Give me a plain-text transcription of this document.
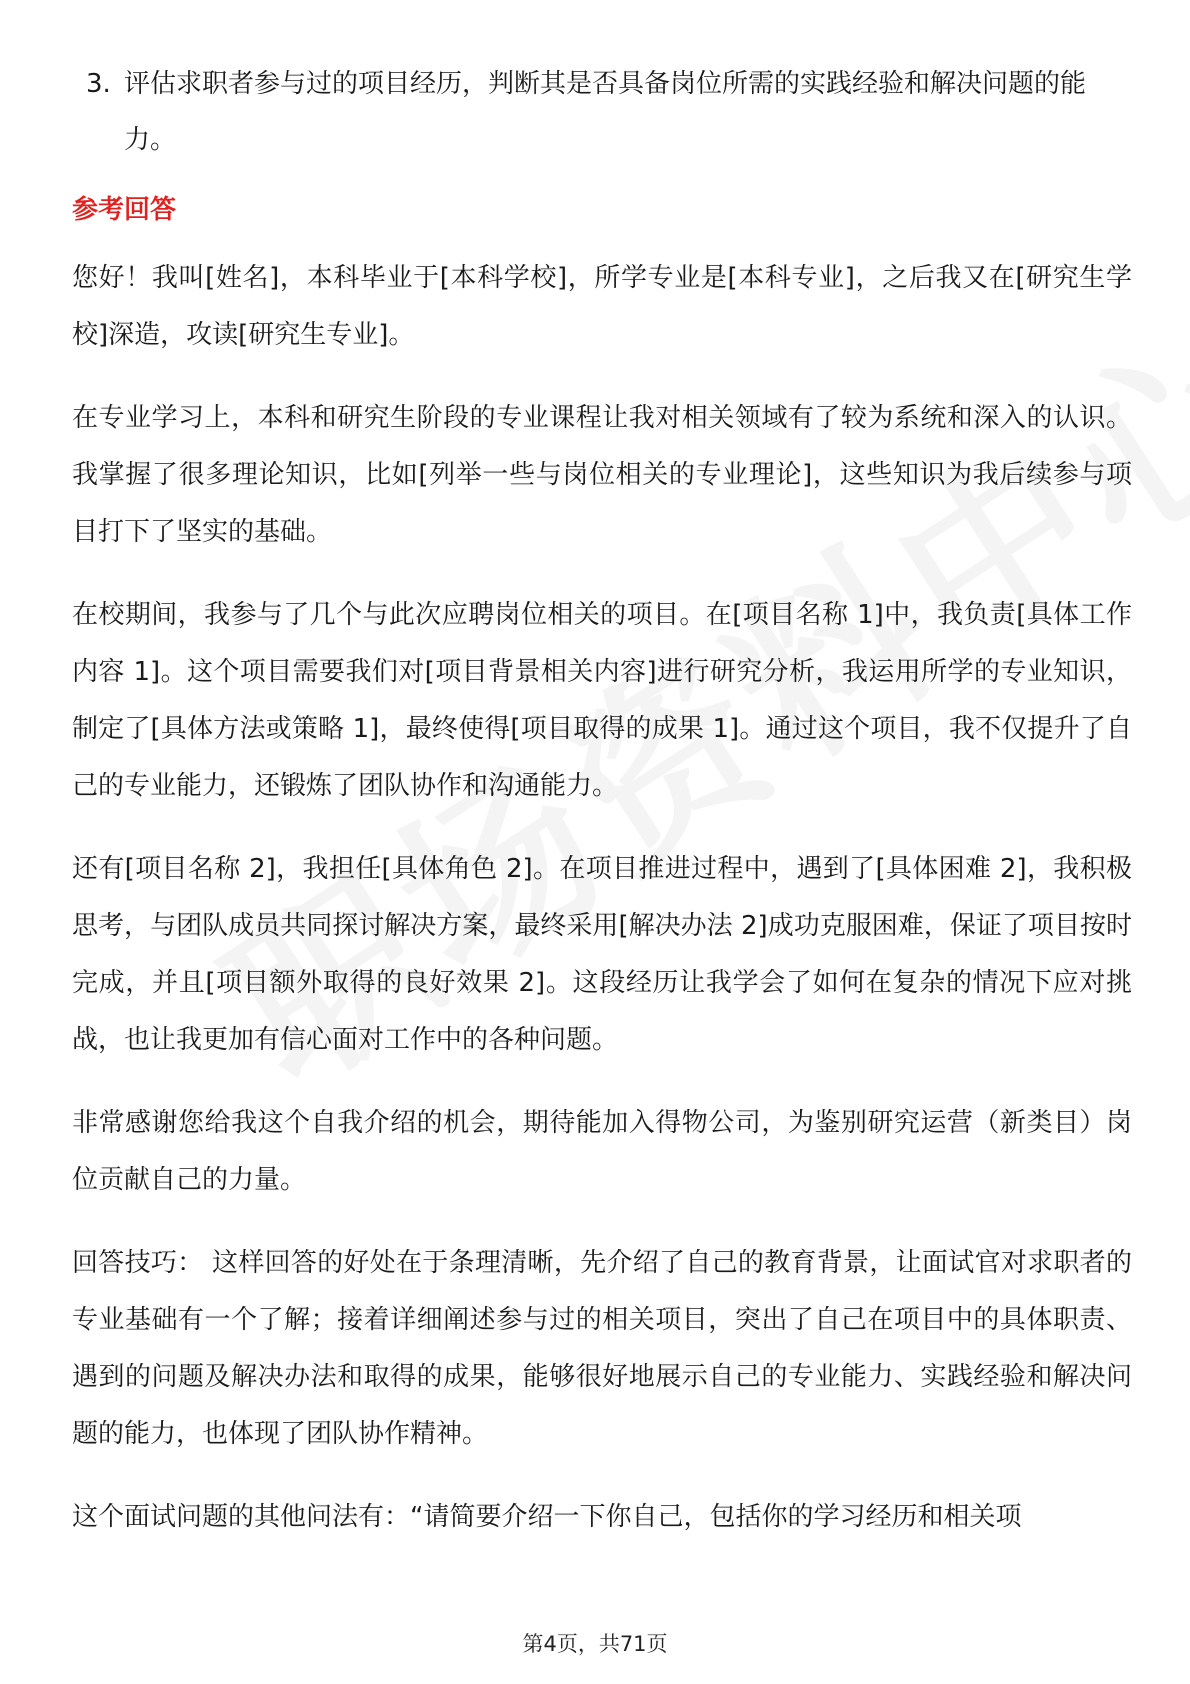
3. 评估求职者参与过的项目经历，判断其是否具备岗位所需的实践经验和解决问题的能力。
参考回答

您好！我叫[姓名]，本科毕业于[本科学校]，所学专业是[本科专业]，之后我又在[研究生学校]深造，攻读[研究生专业]。

在专业学习上，本科和研究生阶段的专业课程让我对相关领域有了较为系统和深入的认识。我掌握了很多理论知识，比如[列举一些与岗位相关的专业理论]，这些知识为我后续参与项目打下了坚实的基础。

在校期间，我参与了几个与此次应聘岗位相关的项目。在[项目名称 1]中，我负责[具体工作内容 1]。这个项目需要我们对[项目背景相关内容]进行研究分析，我运用所学的专业知识，制定了[具体方法或策略 1]，最终使得[项目取得的成果 1]。通过这个项目，我不仅提升了自己的专业能力，还锻炼了团队协作和沟通能力。

还有[项目名称 2]，我担任[具体角色 2]。在项目推进过程中，遇到了[具体困难 2]，我积极思考，与团队成员共同探讨解决方案，最终采用[解决办法 2]成功克服困难，保证了项目按时完成，并且[项目额外取得的良好效果 2]。这段经历让我学会了如何在复杂的情况下应对挑战，也让我更加有信心面对工作中的各种问题。

非常感谢您给我这个自我介绍的机会，期待能加入得物公司，为鉴别研究运营（新类目）岗位贡献自己的力量。

回答技巧： 这样回答的好处在于条理清晰，先介绍了自己的教育背景，让面试官对求职者的专业基础有一个了解；接着详细阐述参与过的相关项目，突出了自己在项目中的具体职责、遇到的问题及解决办法和取得的成果，能够很好地展示自己的专业能力、实践经验和解决问题的能力，也体现了团队协作精神。

这个面试问题的其他问法有：“请简要介绍一下你自己，包括你的学习经历和相关项

第4页，共71页
